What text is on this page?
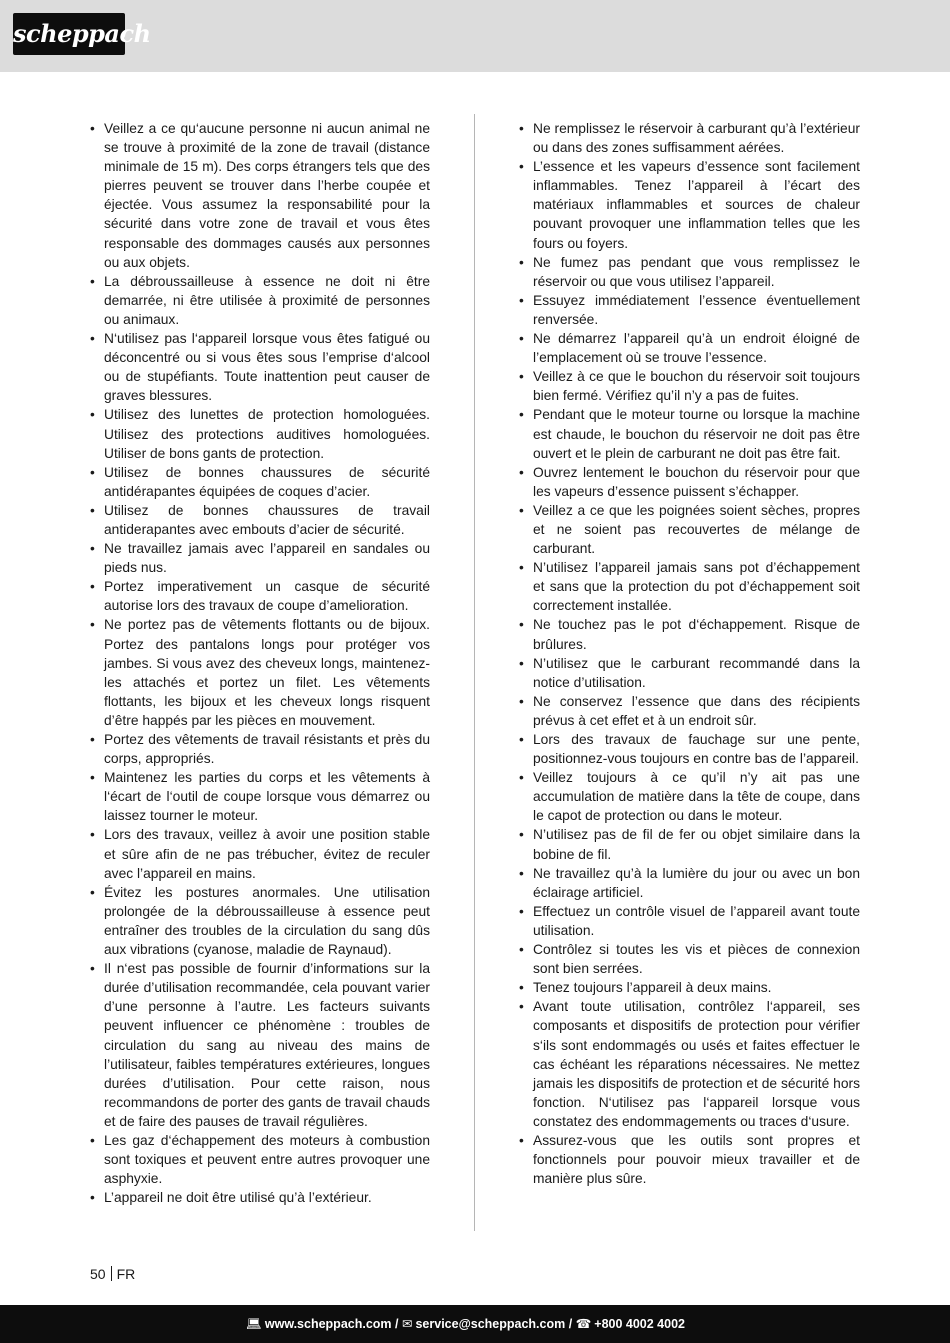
scheppach
• Veillez a ce qu‘aucune personne ni aucun animal ne se trouve à proximité de la zone de travail (distance minimale de 15 m). Des corps étrangers tels que des pierres peuvent se trouver dans l’herbe coupée et éjectée. Vous assumez la responsabilité pour la sécurité dans votre zone de travail et vous êtes responsable des dommages causés aux personnes ou aux objets.
• La débroussailleuse à essence ne doit ni être demarrée, ni être utilisée à proximité de personnes ou animaux.
• N‘utilisez pas l‘appareil lorsque vous êtes fatigué ou déconcentré ou si vous êtes sous l’emprise d‘alcool ou de stupéfiants. Toute inattention peut causer de graves blessures.
• Utilisez des lunettes de protection homologuées. Utilisez des protections auditives homologuées. Utiliser de bons gants de protection.
• Utilisez de bonnes chaussures de sécurité antidérapantes équipées de coques d’acier.
• Utilisez de bonnes chaussures de travail antiderapantes avec embouts d’acier de sécurité.
• Ne travaillez jamais avec l’appareil en sandales ou pieds nus.
• Portez imperativement un casque de sécurité autorise lors des travaux de coupe d’amelioration.
• Ne portez pas de vêtements flottants ou de bijoux. Portez des pantalons longs pour protéger vos jambes. Si vous avez des cheveux longs, maintenez-les attachés et portez un filet. Les vêtements flottants, les bijoux et les cheveux longs risquent d’être happés par les pièces en mouvement.
• Portez des vêtements de travail résistants et près du corps, appropriés.
• Maintenez les parties du corps et les vêtements à l‘écart de l‘outil de coupe lorsque vous démarrez ou laissez tourner le moteur.
• Lors des travaux, veillez à avoir une position stable et sûre afin de ne pas trébucher, évitez de reculer avec l’appareil en mains.
• Évitez les postures anormales. Une utilisation prolongée de la débroussailleuse à essence peut entraîner des troubles de la circulation du sang dûs aux vibrations (cyanose, maladie de Raynaud).
• Il n‘est pas possible de fournir d’informations sur la durée d’utilisation recommandée, cela pouvant varier d’une personne à l’autre. Les facteurs suivants peuvent influencer ce phénomène : troubles de circulation du sang au niveau des mains de l’utilisateur, faibles températures extérieures, longues durées d’utilisation. Pour cette raison, nous recommandons de porter des gants de travail chauds et de faire des pauses de travail régulières.
• Les gaz d‘échappement des moteurs à combustion sont toxiques et peuvent entre autres provoquer une asphyxie.
• L’appareil ne doit être utilisé qu’à l’extérieur.
• Ne remplissez le réservoir à carburant qu’à l’extérieur ou dans des zones suffisamment aérées.
• L’essence et les vapeurs d’essence sont facilement inflammables. Tenez l’appareil à l’écart des matériaux inflammables et sources de chaleur pouvant provoquer une inflammation telles que les fours ou foyers.
• Ne fumez pas pendant que vous remplissez le réservoir ou que vous utilisez l’appareil.
• Essuyez immédiatement l’essence éventuellement renversée.
• Ne démarrez l’appareil qu’à un endroit éloigné de l’emplacement où se trouve l’essence.
• Veillez à ce que le bouchon du réservoir soit toujours bien fermé. Vérifiez qu’il n’y a pas de fuites.
• Pendant que le moteur tourne ou lorsque la machine est chaude, le bouchon du réservoir ne doit pas être ouvert et le plein de carburant ne doit pas être fait.
• Ouvrez lentement le bouchon du réservoir pour que les vapeurs d’essence puissent s’échapper.
• Veillez a ce que les poignées soient sèches, propres et ne soient pas recouvertes de mélange de carburant.
• N’utilisez l’appareil jamais sans pot d’échappement et sans que la protection du pot d’échappement soit correctement installée.
• Ne touchez pas le pot d‘échappement. Risque de brûlures.
• N’utilisez que le carburant recommandé dans la notice d’utilisation.
• Ne conservez l’essence que dans des récipients prévus à cet effet et à un endroit sûr.
• Lors des travaux de fauchage sur une pente, positionnez-vous toujours en contre bas de l’appareil.
• Veillez toujours à ce qu’il n’y ait pas une accumulation de matière dans la tête de coupe, dans le capot de protection ou dans le moteur.
• N’utilisez pas de fil de fer ou objet similaire dans la bobine de fil.
• Ne travaillez qu’à la lumière du jour ou avec un bon éclairage artificiel.
• Effectuez un contrôle visuel de l’appareil avant toute utilisation.
• Contrôlez si toutes les vis et pièces de connexion sont bien serrées.
• Tenez toujours l’appareil à deux mains.
• Avant toute utilisation, contrôlez l‘appareil, ses composants et dispositifs de protection pour vérifier s‘ils sont endommagés ou usés et faites effectuer le cas échéant les réparations nécessaires. Ne mettez jamais les dispositifs de protection et de sécurité hors fonction. N‘utilisez pas l‘appareil lorsque vous constatez des endommagements ou traces d‘usure.
• Assurez-vous que les outils sont propres et fonctionnels pour pouvoir mieux travailler et de manière plus sûre.
50 FR
💻︎ www.scheppach.com / ✉︎ service@scheppach.com / ☎︎ +800 4002 4002
